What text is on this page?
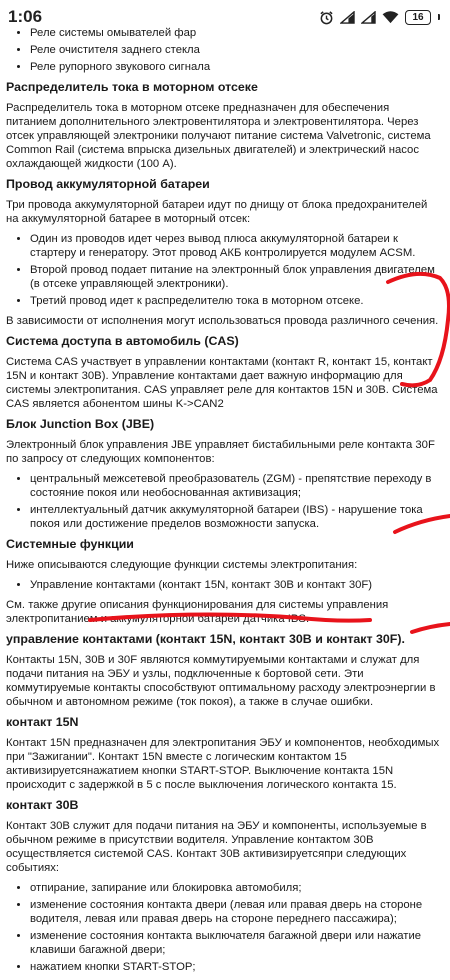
1:06	16
• Реле системы омывателей фар
• Реле очистителя заднего стекла
• Реле рупорного звукового сигнала
Распределитель тока в моторном отсеке

Распределитель тока в моторном отсеке предназначен для обеспечения питанием дополнительного электровентилятора и электровентилятора. Через отсек управляющей электроники получают питание система Valvetronic, система Common Rail (система впрыска дизельных двигателей) и электрический насос охлаждающей жидкости (100 A).

Провод аккумуляторной батареи

Три провода аккумуляторной батареи идут по днищу от блока предохранителей на аккумуляторной батарее в моторный отсек:

• Один из проводов идет через вывод плюса аккумуляторной батареи к стартеру и генератору. Этот провод АКБ контролируется модулем ACSM.
• Второй провод подает питание на электронный блок управления двигателем (в отсеке управляющей электроники).
• Третий провод идет к распределителю тока в моторном отсеке.

В зависимости от исполнения могут использоваться провода различного сечения.

Система доступа в автомобиль (CAS)

Система CAS участвует в управлении контактами (контакт R, контакт 15, контакт 15N и контакт 30B). Управление контактами дает важную информацию для системы электропитания. CAS управляет реле для контактов 15N и 30B. Система CAS является абонентом шины K->CAN2

Блок Junction Box (JBE)

Электронный блок управления JBE управляет бистабильными реле контакта 30F по запросу от следующих компонентов:

• центральный межсетевой преобразователь (ZGM) - препятствие переходу в состояние покоя или необоснованная активизация;
• интеллектуальный датчик аккумуляторной батареи (IBS) - нарушение тока покоя или достижение пределов возможности запуска.
Системные функции

Ниже описываются следующие функции системы электропитания:

• Управление контактами (контакт 15N, контакт 30B и контакт 30F)

См. также другие описания функционирования для системы управления электропитанием и аккумуляторной батареи датчика IBS.

управление контактами (контакт 15N, контакт 30B и контакт 30F).

Контакты 15N, 30B и 30F являются коммутируемыми контактами и служат для подачи питания на ЭБУ и узлы, подключенные к бортовой сети. Эти коммутируемые контакты способствуют оптимальному расходу электроэнергии в обычном и автономном режиме (ток покоя), а также в случае ошибки.

контакт 15N

Контакт 15N предназначен для электропитания ЭБУ и компонентов, необходимых при "Зажигании". Контакт 15N вместе с логическим контактом 15 активизируетсянажатием кнопки START-STOP. Выключение контакта 15N происходит с задержкой в 5 с после выключения логического контакта 15.

контакт 30B

Контакт 30B служит для подачи питания на ЭБУ и компоненты, используемые в обычном режиме в присутствии водителя. Управление контактом 30B осуществляется системой CAS. Контакт 30B активизируетсяпри следующих событиях:

• отпирание, запирание или блокировка автомобиля;
• изменение состояния контакта двери (левая или правая дверь на стороне водителя, левая или правая дверь на стороне переднего пассажира);
• изменение состояния контакта выключателя багажной двери или нажатие клавиши багажной двери;
• нажатием кнопки START-STOP;
